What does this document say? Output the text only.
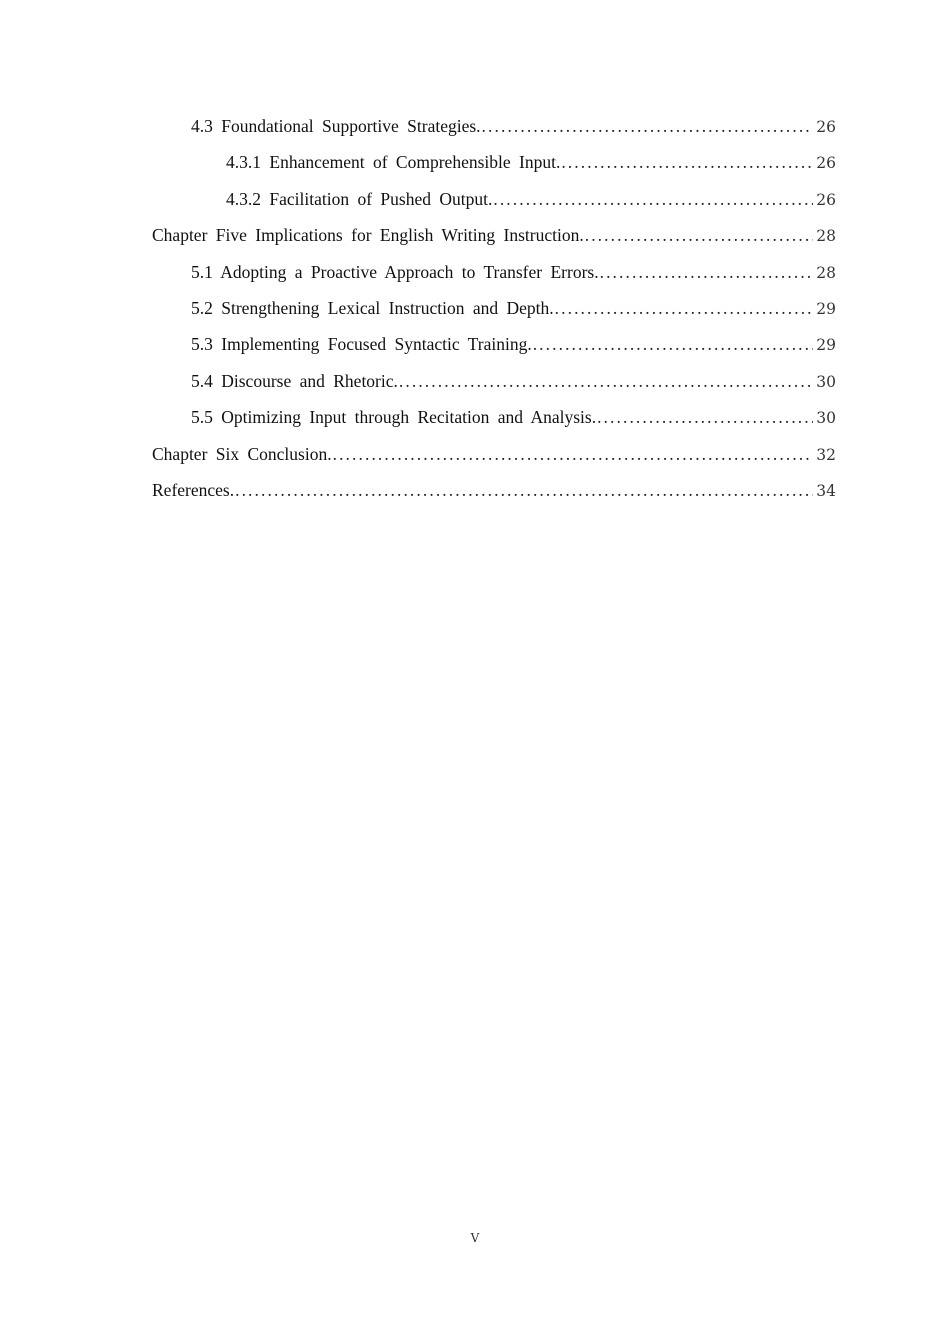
4.3 Foundational Supportive Strategies. .....	26
4.3.1 Enhancement of Comprehensible Input. .....	26
4.3.2 Facilitation of Pushed Output. .....	26
Chapter Five Implications for English Writing Instruction. .....	28
5.1 Adopting a Proactive Approach to Transfer Errors. .....	28
5.2 Strengthening Lexical Instruction and Depth. .....	29
5.3 Implementing Focused Syntactic Training. .....	29
5.4 Discourse and Rhetoric. .....	30
5.5 Optimizing Input through Recitation and Analysis. .....	30
Chapter Six Conclusion. .....	32
References. .....	34
V
